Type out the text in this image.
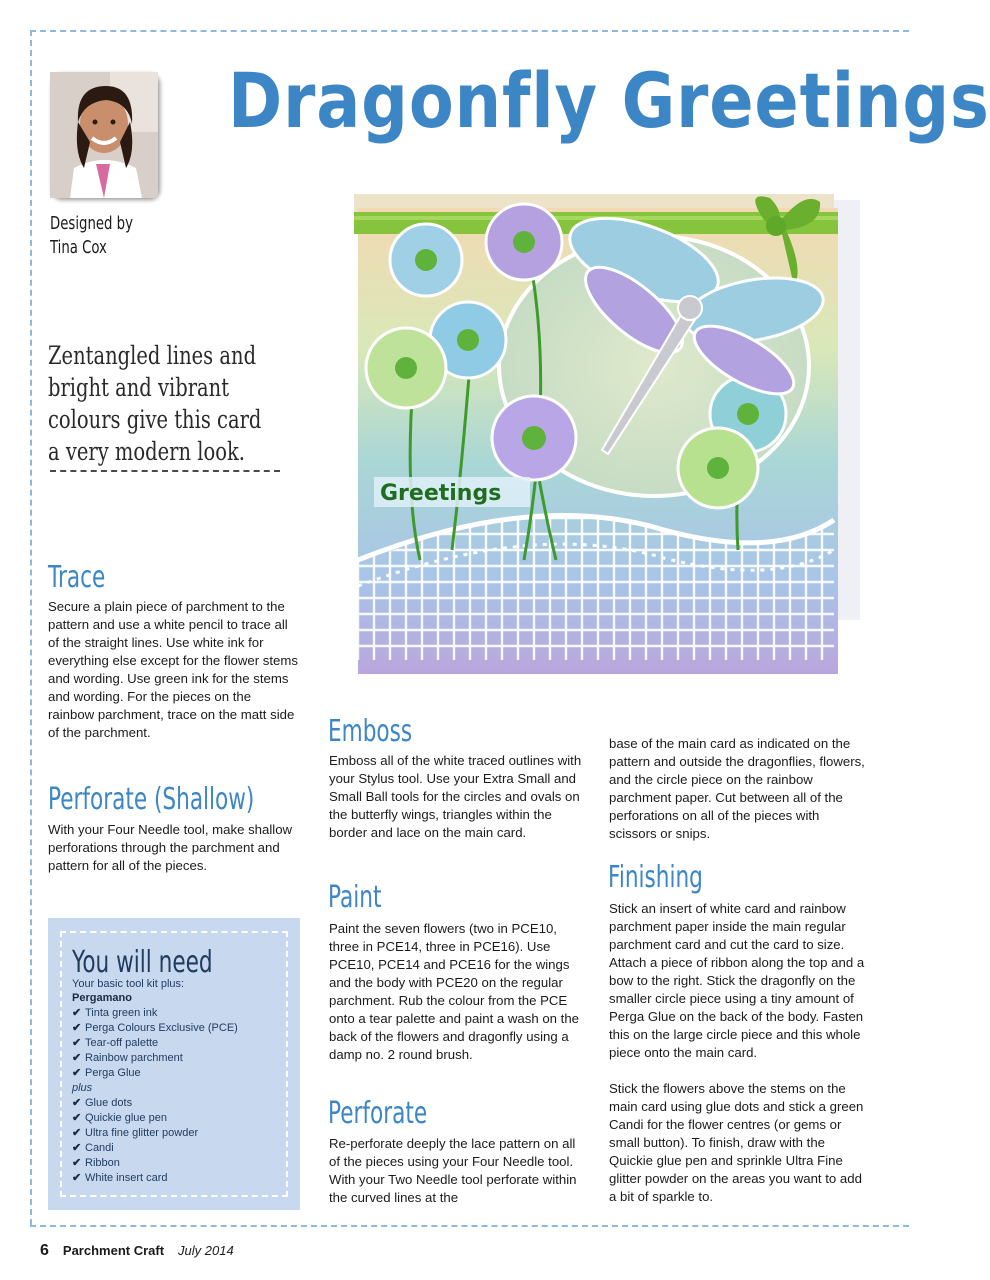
Dragonfly Greetings
Designed by
Tina Cox

Zentangled lines and bright and vibrant colours give this card a very modern look.

Greetings
Trace

Secure a plain piece of parchment to the pattern and use a white pencil to trace all of the straight lines. Use white ink for everything else except for the flower stems and wording. Use green ink for the stems and wording. For the pieces on the rainbow parchment, trace on the matt side of the parchment.

Perforate (Shallow)

With your Four Needle tool, make shallow perforations through the parchment and pattern for all of the pieces.

You will need
Your basic tool kit plus:
Pergamano
✔ Tinta green ink
✔ Perga Colours Exclusive (PCE)
✔ Tear-off palette
✔ Rainbow parchment
✔ Perga Glue
plus
✔ Glue dots
✔ Quickie glue pen
✔ Ultra fine glitter powder
✔ Candi
✔ Ribbon
✔ White insert card
Emboss

Emboss all of the white traced outlines with your Stylus tool. Use your Extra Small and Small Ball tools for the circles and ovals on the butterfly wings, triangles within the border and lace on the main card.

Paint

Paint the seven flowers (two in PCE10, three in PCE14, three in PCE16). Use PCE10, PCE14 and PCE16 for the wings and the body with PCE20 on the regular parchment. Rub the colour from the PCE onto a tear palette and paint a wash on the back of the flowers and dragonfly using a damp no. 2 round brush.

Perforate

Re-perforate deeply the lace pattern on all of the pieces using your Four Needle tool. With your Two Needle tool perforate within the curved lines at the

base of the main card as indicated on the pattern and outside the dragonflies, flowers, and the circle piece on the rainbow parchment paper. Cut between all of the perforations on all of the pieces with scissors or snips.

Finishing

Stick an insert of white card and rainbow parchment paper inside the main regular parchment card and cut the card to size. Attach a piece of ribbon along the top and a bow to the right. Stick the dragonfly on the smaller circle piece using a tiny amount of Perga Glue on the back of the body. Fasten this on the large circle piece and this whole piece onto the main card.

Stick the flowers above the stems on the main card using glue dots and stick a green Candi for the flower centres (or gems or small button). To finish, draw with the Quickie glue pen and sprinkle Ultra Fine glitter powder on the areas you want to add a bit of sparkle to.

6 Parchment Craft July 2014
